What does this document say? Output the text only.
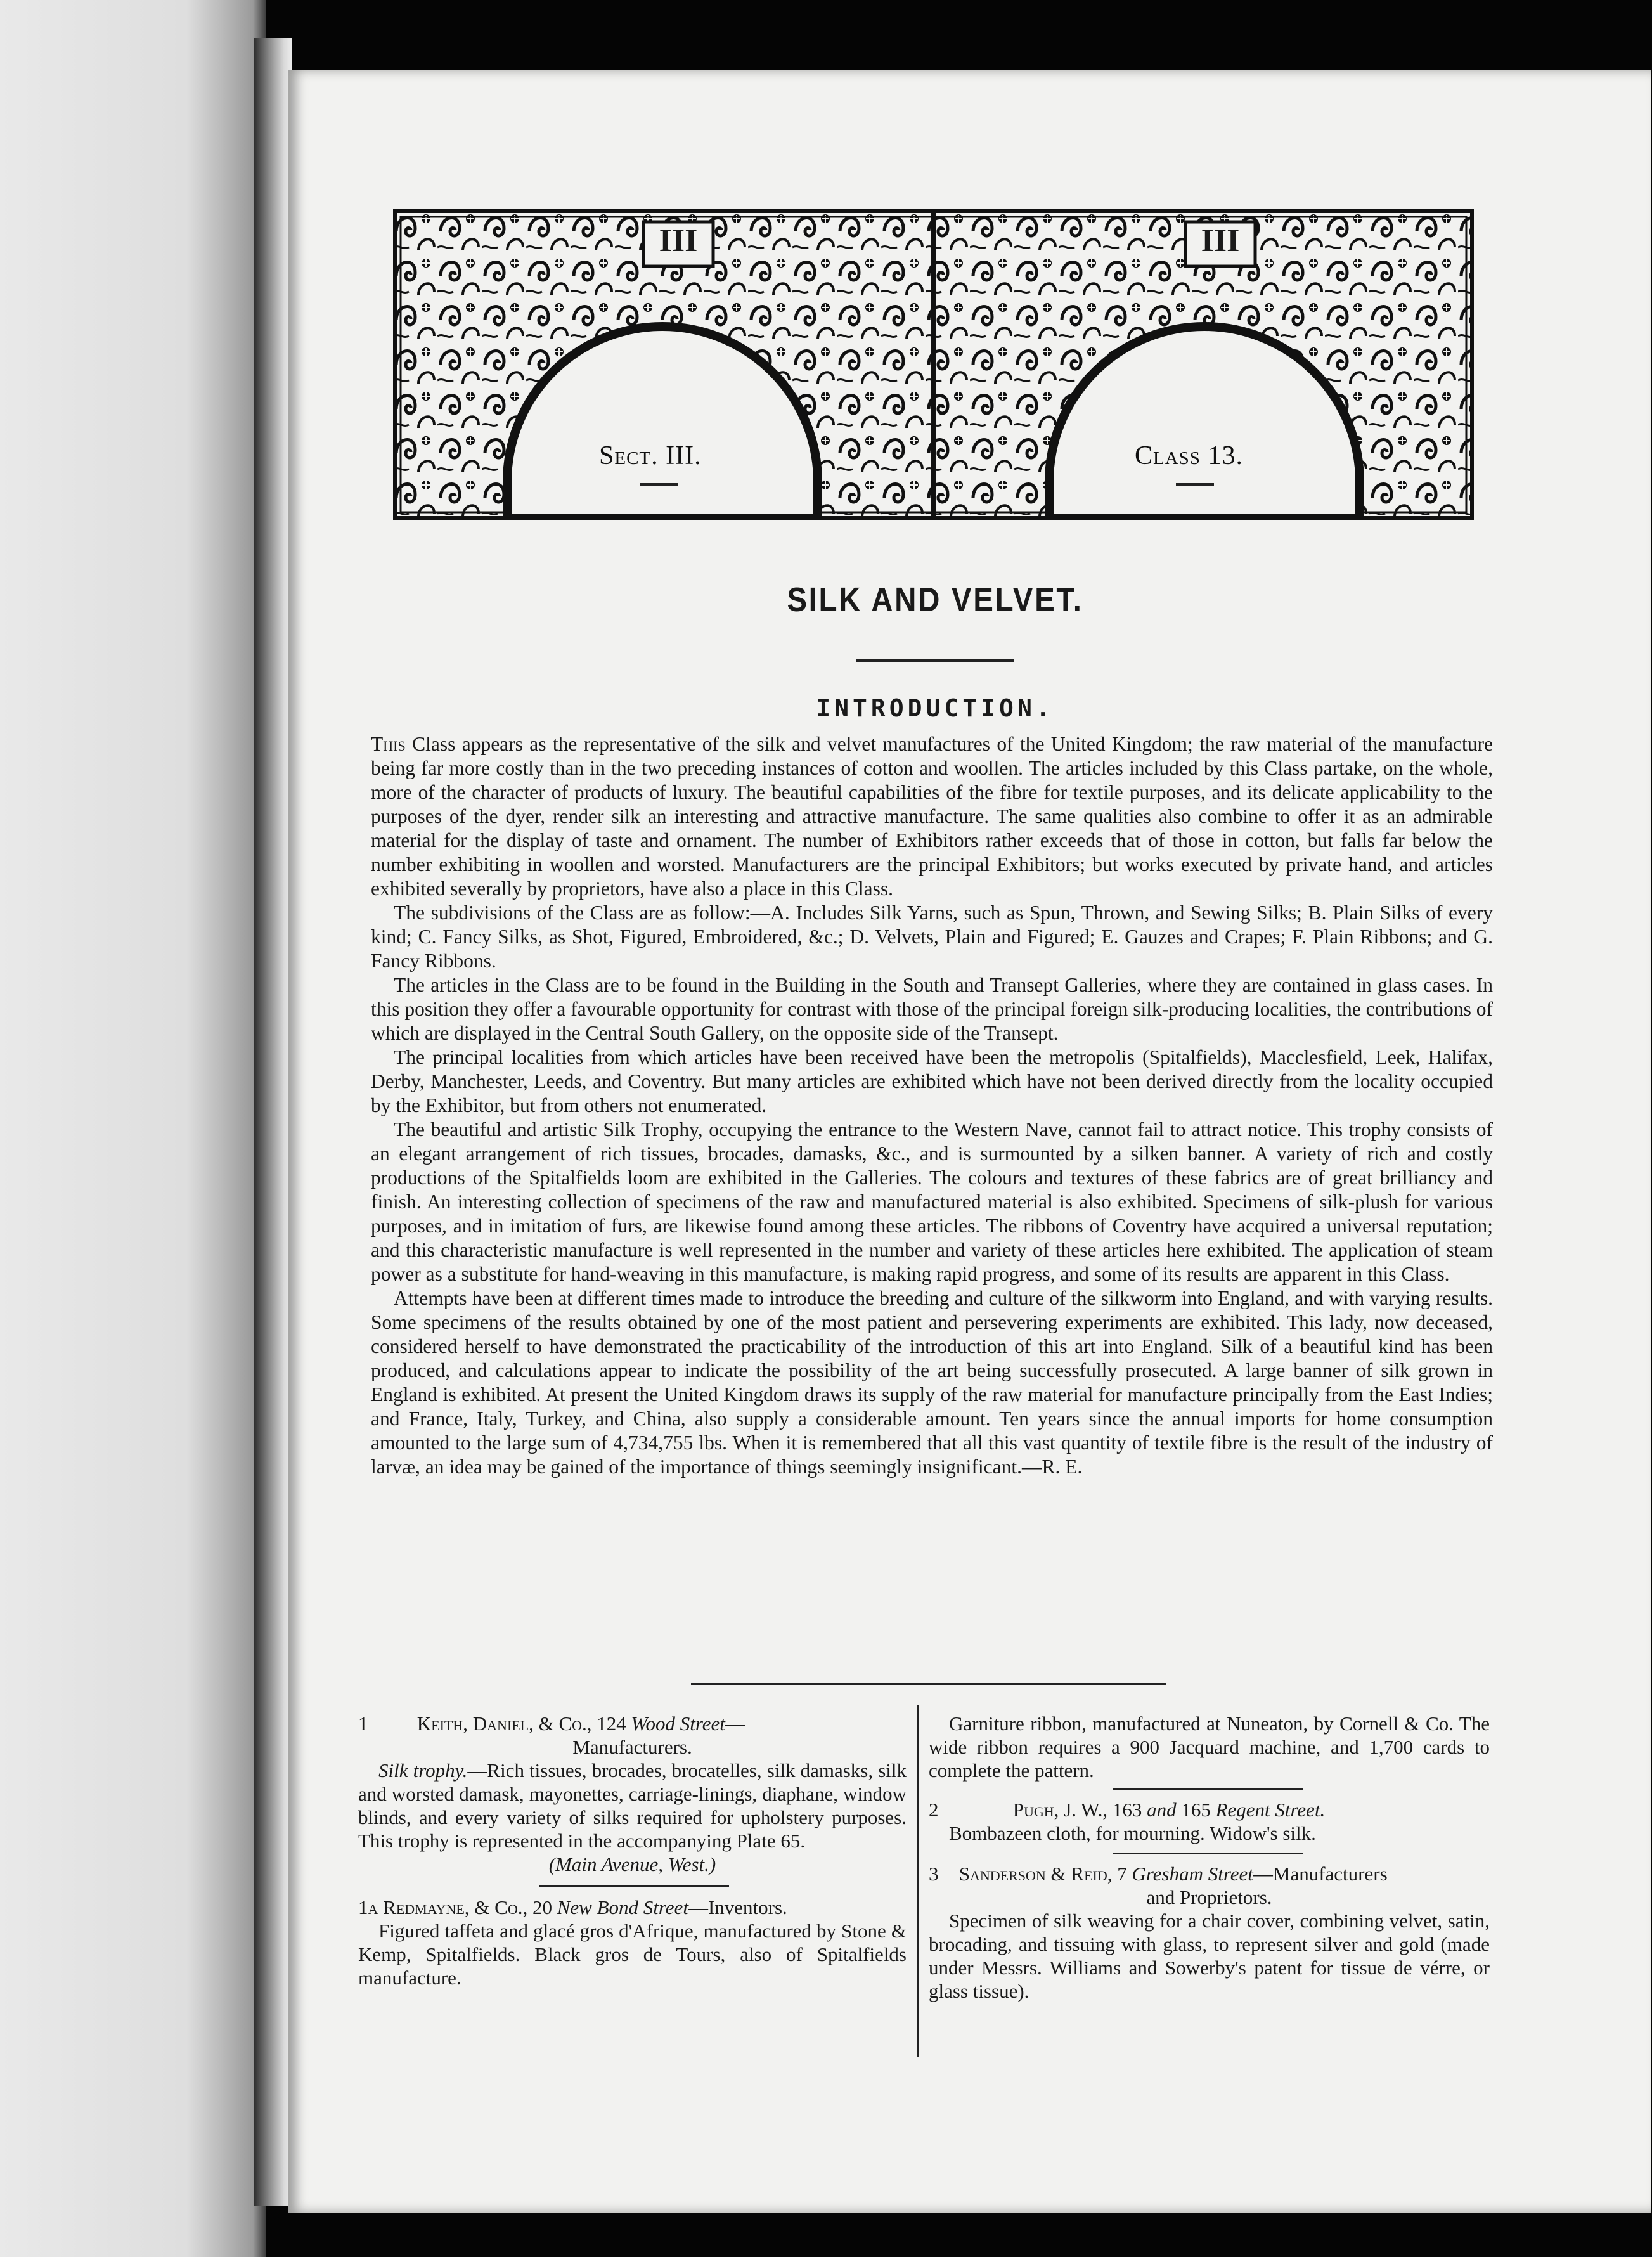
III	III
Sect. III.	Class 13.
SILK AND VELVET.
INTRODUCTION.

This Class appears as the representative of the silk and velvet manufactures of the United Kingdom; the raw material of the manufacture being far more costly than in the two preceding instances of cotton and woollen. The articles included by this Class partake, on the whole, more of the character of products of luxury. The beautiful capabilities of the fibre for textile purposes, and its delicate applicability to the purposes of the dyer, render silk an interesting and attractive manufacture. The same qualities also combine to offer it as an admirable material for the display of taste and ornament. The number of Exhibitors rather exceeds that of those in cotton, but falls far below the number exhibiting in woollen and worsted. Manufacturers are the principal Exhibitors; but works executed by private hand, and articles exhibited severally by proprietors, have also a place in this Class.

The subdivisions of the Class are as follow:—A. Includes Silk Yarns, such as Spun, Thrown, and Sewing Silks; B. Plain Silks of every kind; C. Fancy Silks, as Shot, Figured, Embroidered, &c.; D. Velvets, Plain and Figured; E. Gauzes and Crapes; F. Plain Ribbons; and G. Fancy Ribbons.

The articles in the Class are to be found in the Building in the South and Transept Galleries, where they are contained in glass cases. In this position they offer a favourable opportunity for contrast with those of the principal foreign silk-producing localities, the contributions of which are displayed in the Central South Gallery, on the opposite side of the Transept.

The principal localities from which articles have been received have been the metropolis (Spitalfields), Macclesfield, Leek, Halifax, Derby, Manchester, Leeds, and Coventry. But many articles are exhibited which have not been derived directly from the locality occupied by the Exhibitor, but from others not enumerated.

The beautiful and artistic Silk Trophy, occupying the entrance to the Western Nave, cannot fail to attract notice. This trophy consists of an elegant arrangement of rich tissues, brocades, damasks, &c., and is surmounted by a silken banner. A variety of rich and costly productions of the Spitalfields loom are exhibited in the Galleries. The colours and textures of these fabrics are of great brilliancy and finish. An interesting collection of specimens of the raw and manufactured material is also exhibited. Specimens of silk-plush for various purposes, and in imitation of furs, are likewise found among these articles. The ribbons of Coventry have acquired a universal reputation; and this characteristic manufacture is well represented in the number and variety of these articles here exhibited. The application of steam power as a substitute for hand-weaving in this manufacture, is making rapid progress, and some of its results are apparent in this Class.

Attempts have been at different times made to introduce the breeding and culture of the silkworm into England, and with varying results. Some specimens of the results obtained by one of the most patient and persevering experiments are exhibited. This lady, now deceased, considered herself to have demonstrated the practicability of the introduction of this art into England. Silk of a beautiful kind has been produced, and calculations appear to indicate the possibility of the art being successfully prosecuted. A large banner of silk grown in England is exhibited. At present the United Kingdom draws its supply of the raw material for manufacture principally from the East Indies; and France, Italy, Turkey, and China, also supply a considerable amount. Ten years since the annual imports for home consumption amounted to the large sum of 4,734,755 lbs. When it is remembered that all this vast quantity of textile fibre is the result of the industry of larvæ, an idea may be gained of the importance of things seemingly insignificant.—R. E.

1 Keith, Daniel, & Co., 124 Wood Street—

Manufacturers.

Silk trophy.—Rich tissues, brocades, brocatelles, silk damasks, silk and worsted damask, mayonettes, carriage-linings, diaphane, window blinds, and every variety of silks required for upholstery purposes. This trophy is represented in the accompanying Plate 65.

(Main Avenue, West.)

1a Redmayne, & Co., 20 New Bond Street—Inventors.

Figured taffeta and glacé gros d'Afrique, manufactured by Stone & Kemp, Spitalfields. Black gros de Tours, also of Spitalfields manufacture.

Garniture ribbon, manufactured at Nuneaton, by Cornell & Co. The wide ribbon requires a 900 Jacquard machine, and 1,700 cards to complete the pattern.

2	Pugh, J. W., 163 and 165 Regent Street.

Bombazeen cloth, for mourning. Widow's silk.

3 Sanderson & Reid, 7 Gresham Street—Manufacturers

and Proprietors.

Specimen of silk weaving for a chair cover, combining velvet, satin, brocading, and tissuing with glass, to represent silver and gold (made under Messrs. Williams and Sowerby's patent for tissue de vérre, or glass tissue).
